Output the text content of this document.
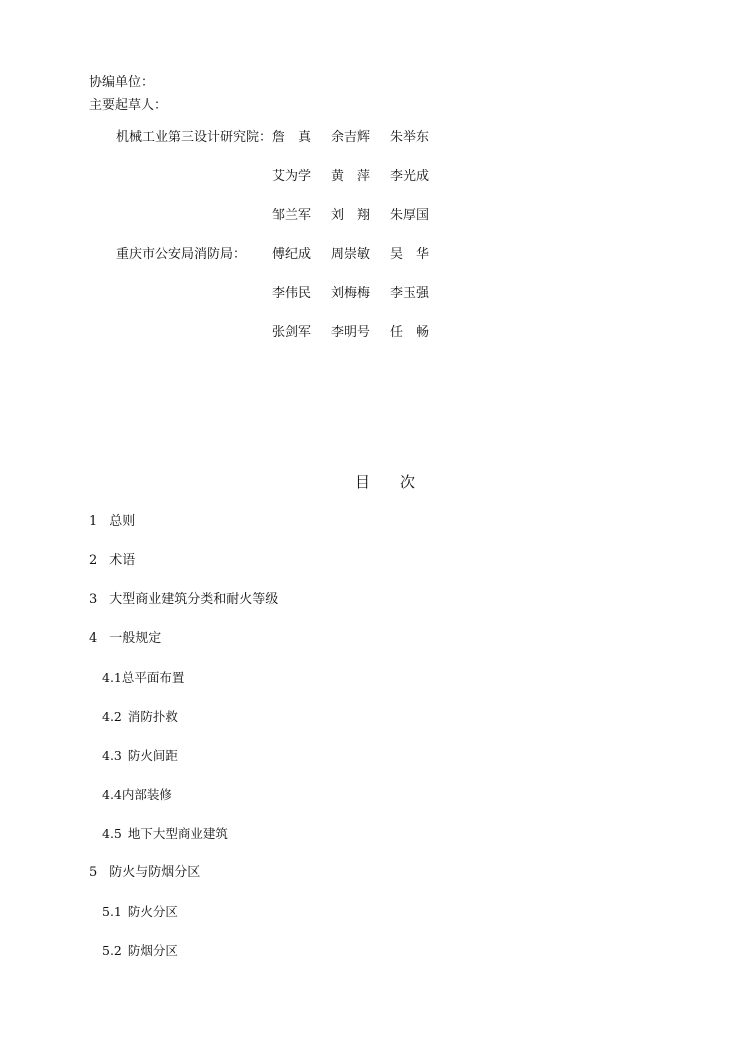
协编单位：
主要起草人：
机械工业第三设计研究院： 詹　真 余吉辉 朱举东
艾为学 黄　萍 李光成
邹兰军 刘　翔 朱厚国
重庆市公安局消防局： 傅纪成 周崇敏 吴　华
李伟民 刘梅梅 李玉强
张剑军 李明号 任　畅
目　　次
1 总则
2 术语
3 大型商业建筑分类和耐火等级
4 一般规定
4.1总平面布置
4.2 消防扑救
4.3 防火间距
4.4内部装修
4.5 地下大型商业建筑
5 防火与防烟分区
5.1 防火分区
5.2 防烟分区
